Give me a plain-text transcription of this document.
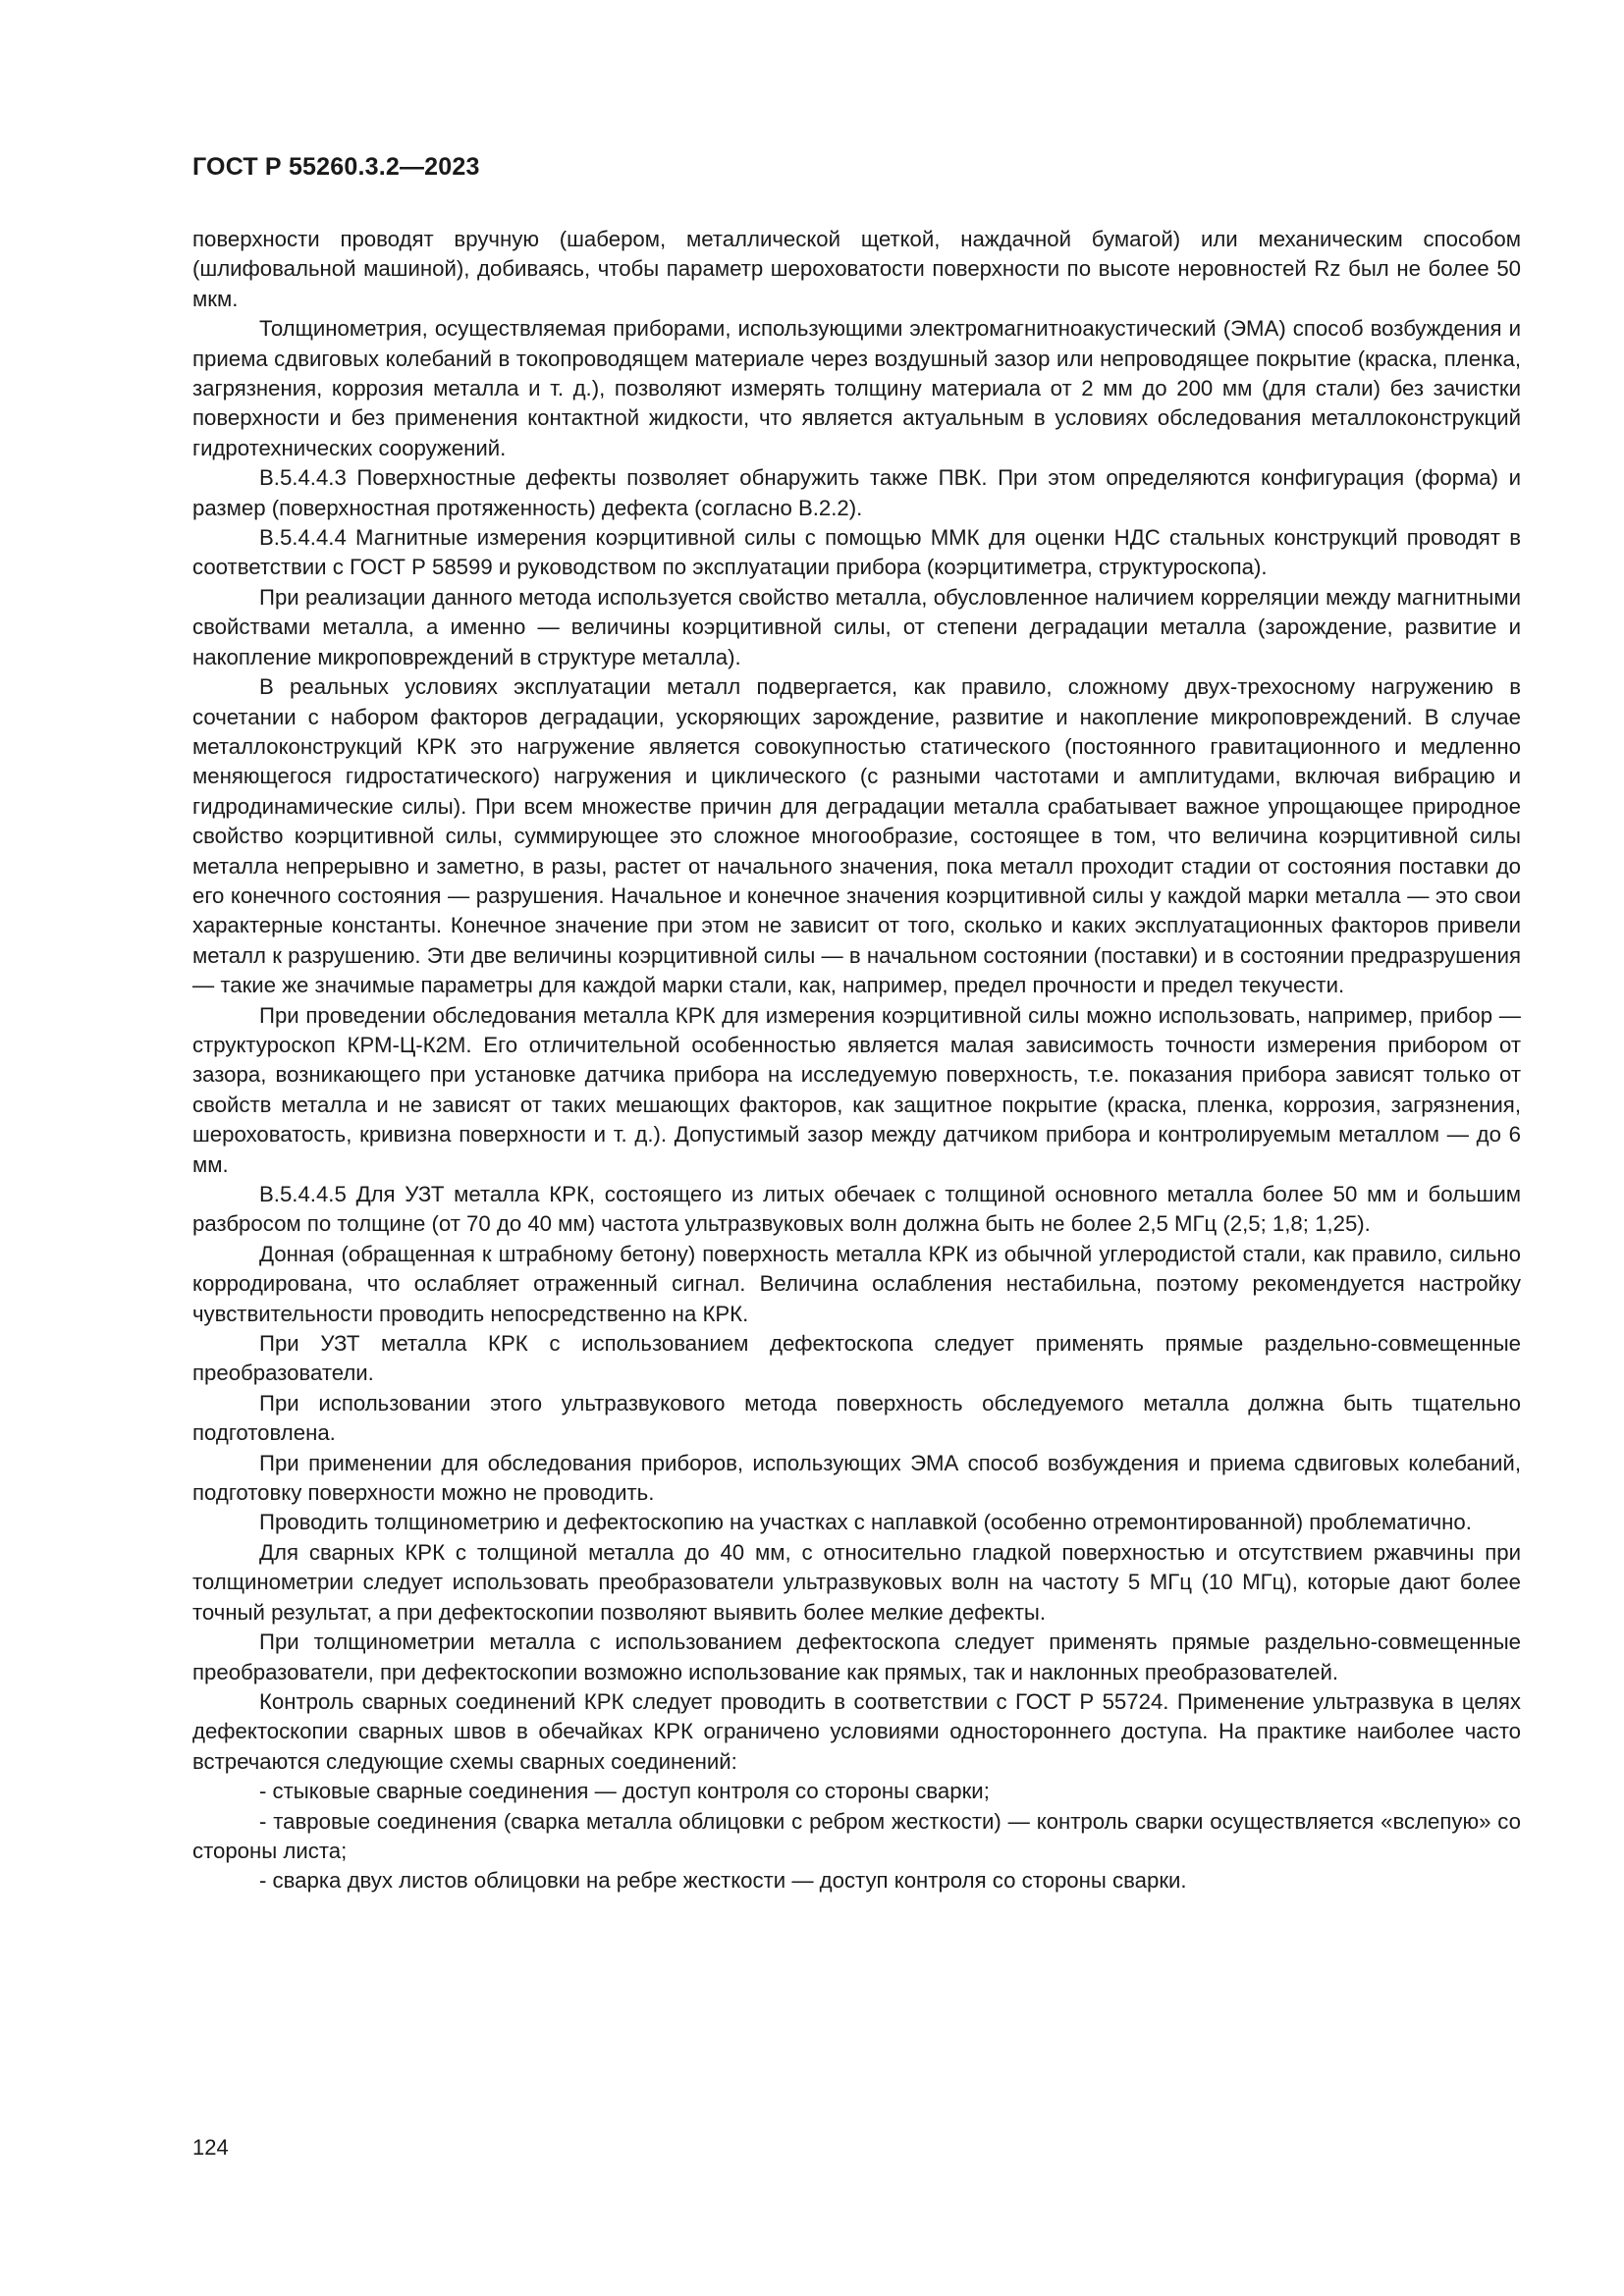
ГОСТ Р 55260.3.2—2023

поверхности проводят вручную (шабером, металлической щеткой, наждачной бумагой) или механическим способом (шлифовальной машиной), добиваясь, чтобы параметр шероховатости поверхности по высоте неровностей Rz был не более 50 мкм.

Толщинометрия, осуществляемая приборами, использующими электромагнитноакустический (ЭМА) способ возбуждения и приема сдвиговых колебаний в токопроводящем материале через воздушный зазор или непроводящее покрытие (краска, пленка, загрязнения, коррозия металла и т. д.), позволяют измерять толщину материала от 2 мм до 200 мм (для стали) без зачистки поверхности и без применения контактной жидкости, что является актуальным в условиях обследования металлоконструкций гидротехнических сооружений.

В.5.4.4.3 Поверхностные дефекты позволяет обнаружить также ПВК. При этом определяются конфигурация (форма) и размер (поверхностная протяженность) дефекта (согласно В.2.2).

В.5.4.4.4 Магнитные измерения коэрцитивной силы с помощью ММК для оценки НДС стальных конструкций проводят в соответствии с ГОСТ Р 58599 и руководством по эксплуатации прибора (коэрцитиметра, структуроскопа).

При реализации данного метода используется свойство металла, обусловленное наличием корреляции между магнитными свойствами металла, а именно — величины коэрцитивной силы, от степени деградации металла (зарождение, развитие и накопление микроповреждений в структуре металла).

В реальных условиях эксплуатации металл подвергается, как правило, сложному двух-трехосному нагружению в сочетании с набором факторов деградации, ускоряющих зарождение, развитие и накопление микроповреждений. В случае металлоконструкций КРК это нагружение является совокупностью статического (постоянного гравитационного и медленно меняющегося гидростатического) нагружения и циклического (с разными частотами и амплитудами, включая вибрацию и гидродинамические силы). При всем множестве причин для деградации металла срабатывает важное упрощающее природное свойство коэрцитивной силы, суммирующее это сложное многообразие, состоящее в том, что величина коэрцитивной силы металла непрерывно и заметно, в разы, растет от начального значения, пока металл проходит стадии от состояния поставки до его конечного состояния — разрушения. Начальное и конечное значения коэрцитивной силы у каждой марки металла — это свои характерные константы. Конечное значение при этом не зависит от того, сколько и каких эксплуатационных факторов привели металл к разрушению. Эти две величины коэрцитивной силы — в начальном состоянии (поставки) и в состоянии предразрушения — такие же значимые параметры для каждой марки стали, как, например, предел прочности и предел текучести.

При проведении обследования металла КРК для измерения коэрцитивной силы можно использовать, например, прибор — структуроскоп КРМ-Ц-К2М. Его отличительной особенностью является малая зависимость точности измерения прибором от зазора, возникающего при установке датчика прибора на исследуемую поверхность, т.е. показания прибора зависят только от свойств металла и не зависят от таких мешающих факторов, как защитное покрытие (краска, пленка, коррозия, загрязнения, шероховатость, кривизна поверхности и т. д.). Допустимый зазор между датчиком прибора и контролируемым металлом — до 6 мм.

В.5.4.4.5 Для УЗТ металла КРК, состоящего из литых обечаек с толщиной основного металла более 50 мм и большим разбросом по толщине (от 70 до 40 мм) частота ультразвуковых волн должна быть не более 2,5 МГц (2,5; 1,8; 1,25).

Донная (обращенная к штрабному бетону) поверхность металла КРК из обычной углеродистой стали, как правило, сильно корродирована, что ослабляет отраженный сигнал. Величина ослабления нестабильна, поэтому рекомендуется настройку чувствительности проводить непосредственно на КРК.

При УЗТ металла КРК с использованием дефектоскопа следует применять прямые раздельно-совмещенные преобразователи.

При использовании этого ультразвукового метода поверхность обследуемого металла должна быть тщательно подготовлена.

При применении для обследования приборов, использующих ЭМА способ возбуждения и приема сдвиговых колебаний, подготовку поверхности можно не проводить.

Проводить толщинометрию и дефектоскопию на участках с наплавкой (особенно отремонтированной) проблематично.

Для сварных КРК с толщиной металла до 40 мм, с относительно гладкой поверхностью и отсутствием ржавчины при толщинометрии следует использовать преобразователи ультразвуковых волн на частоту 5 МГц (10 МГц), которые дают более точный результат, а при дефектоскопии позволяют выявить более мелкие дефекты.

При толщинометрии металла с использованием дефектоскопа следует применять прямые раздельно-совмещенные преобразователи, при дефектоскопии возможно использование как прямых, так и наклонных преобразователей.

Контроль сварных соединений КРК следует проводить в соответствии с ГОСТ Р 55724. Применение ультразвука в целях дефектоскопии сварных швов в обечайках КРК ограничено условиями одностороннего доступа. На практике наиболее часто встречаются следующие схемы сварных соединений:

- стыковые сварные соединения — доступ контроля со стороны сварки;

- тавровые соединения (сварка металла облицовки с ребром жесткости) — контроль сварки осуществляется «вслепую» со стороны листа;

- сварка двух листов облицовки на ребре жесткости — доступ контроля со стороны сварки.

124
